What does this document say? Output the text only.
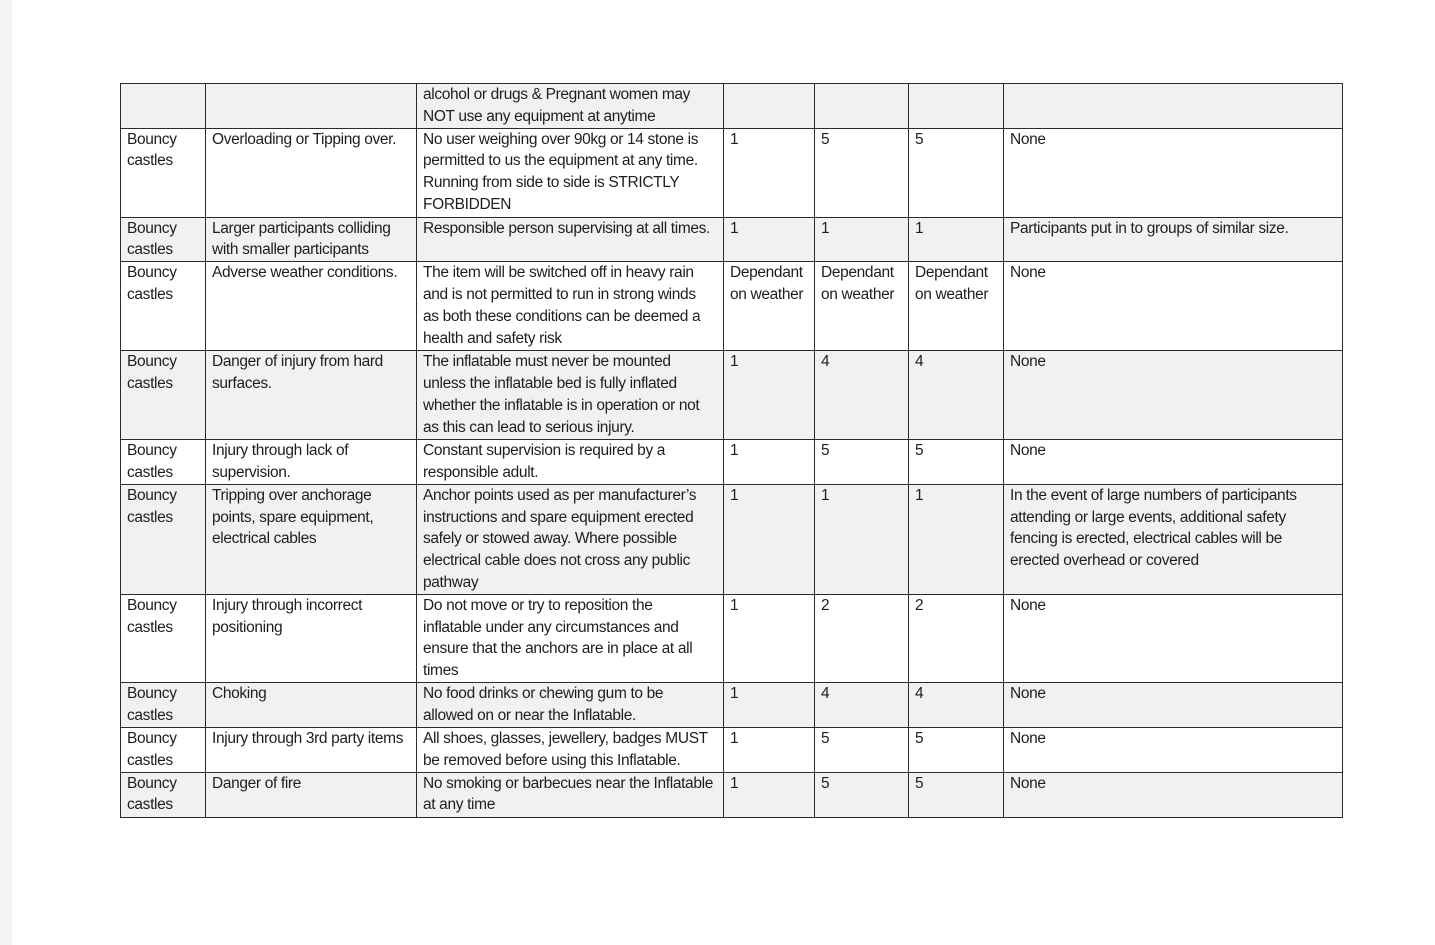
		alcohol or drugs & Pregnant women may
NOT use any equipment at anytime				

Bouncy
castles	Overloading or Tipping over.	No user weighing over 90kg or 14 stone is
permitted to us the equipment at any time.
Running from side to side is STRICTLY
FORBIDDEN	1	5	5	None

Bouncy
castles	Larger participants colliding
with smaller participants	Responsible person supervising at all times.	1	1	1	Participants put in to groups of similar size.

Bouncy
castles	Adverse weather conditions.	The item will be switched off in heavy rain
and is not permitted to run in strong winds
as both these conditions can be deemed a
health and safety risk	Dependant
on weather	Dependant
on weather	Dependant
on weather	None

Bouncy
castles	Danger of injury from hard
surfaces.	The inflatable must never be mounted
unless the inflatable bed is fully inflated
whether the inflatable is in operation or not
as this can lead to serious injury.	1	4	4	None

Bouncy
castles	Injury through lack of
supervision.	Constant supervision is required by a
responsible adult.	1	5	5	None

Bouncy
castles	Tripping over anchorage
points, spare equipment,
electrical cables	Anchor points used as per manufacturer’s
instructions and spare equipment erected
safely or stowed away. Where possible
electrical cable does not cross any public
pathway	1	1	1	In the event of large numbers of participants
attending or large events, additional safety
fencing is erected, electrical cables will be
erected overhead or covered

Bouncy
castles	Injury through incorrect
positioning	Do not move or try to reposition the
inflatable under any circumstances and
ensure that the anchors are in place at all
times	1	2	2	None

Bouncy
castles	Choking	No food drinks or chewing gum to be
allowed on or near the Inflatable.	1	4	4	None

Bouncy
castles	Injury through 3rd party items	All shoes, glasses, jewellery, badges MUST
be removed before using this Inflatable.	1	5	5	None

Bouncy
castles	Danger of fire	No smoking or barbecues near the Inflatable
at any time	1	5	5	None
